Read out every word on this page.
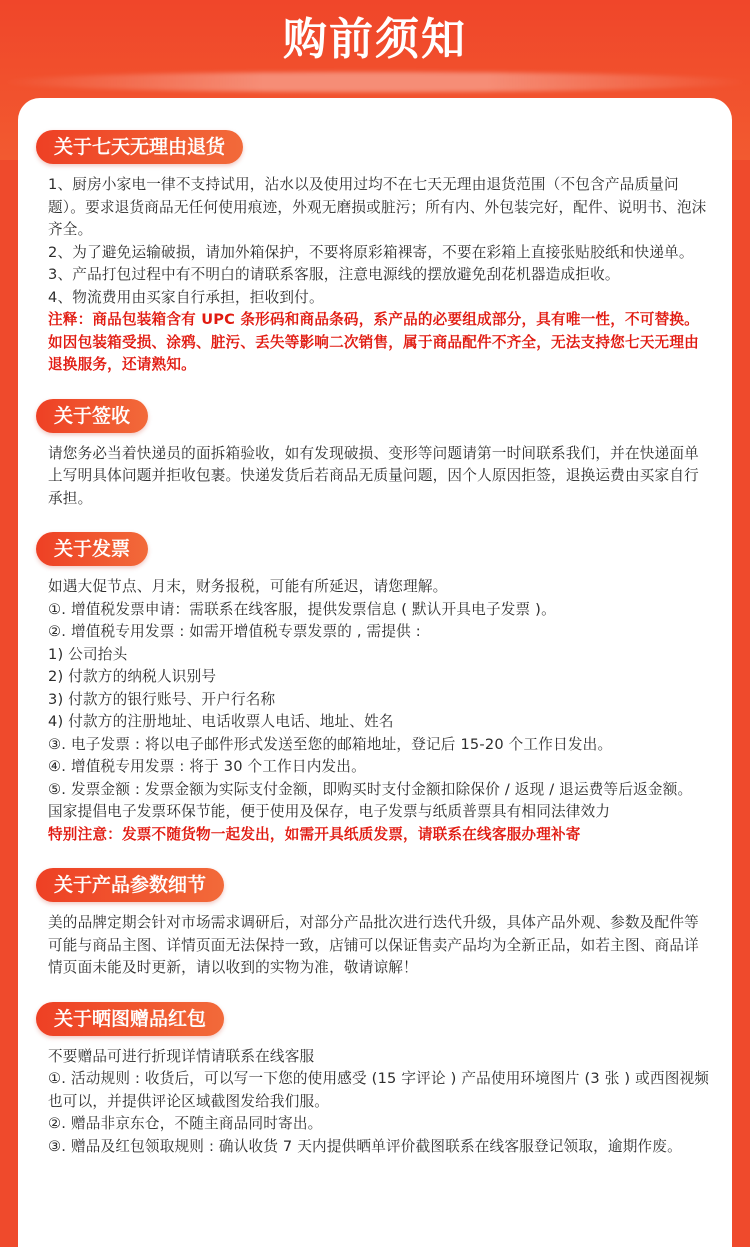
购前须知
关于七天无理由退货

1、厨房小家电一律不支持试用，沾水以及使用过均不在七天无理由退货范围（不包含产品质量问题）。要求退货商品无任何使用痕迹，外观无磨损或脏污；所有内、外包装完好，配件、说明书、泡沫齐全。

2、为了避免运输破损，请加外箱保护，不要将原彩箱裸寄，不要在彩箱上直接张贴胶纸和快递单。

3、产品打包过程中有不明白的请联系客服，注意电源线的摆放避免刮花机器造成拒收。

4、物流费用由买家自行承担，拒收到付。

注释：商品包装箱含有 UPC 条形码和商品条码，系产品的必要组成部分，具有唯一性，不可替换。如因包装箱受损、涂鸦、脏污、丢失等影响二次销售，属于商品配件不齐全，无法支持您七天无理由退换服务，还请熟知。

关于签收

请您务必当着快递员的面拆箱验收，如有发现破损、变形等问题请第一时间联系我们，并在快递面单上写明具体问题并拒收包裹。快递发货后若商品无质量问题，因个人原因拒签，退换运费由买家自行承担。

关于发票

如遇大促节点、月末，财务报税，可能有所延迟，请您理解。

①. 增值税发票申请：需联系在线客服，提供发票信息 ( 默认开具电子发票 )。

②. 增值税专用发票 : 如需开增值税专票发票的 , 需提供 :

1) 公司抬头

2) 付款方的纳税人识别号

3) 付款方的银行账号、开户行名称

4) 付款方的注册地址、电话收票人电话、地址、姓名

③. 电子发票 : 将以电子邮件形式发送至您的邮箱地址，登记后 15-20 个工作日发出。

④. 增值税专用发票 : 将于 30 个工作日内发出。

⑤. 发票金额 : 发票金额为实际支付金额，即购买时支付金额扣除保价 / 返现 / 退运费等后返金额。

国家提倡电子发票环保节能，便于使用及保存，电子发票与纸质普票具有相同法律效力

特别注意：发票不随货物一起发出，如需开具纸质发票，请联系在线客服办理补寄

关于产品参数细节

美的品牌定期会针对市场需求调研后，对部分产品批次进行迭代升级，具体产品外观、参数及配件等可能与商品主图、详情页面无法保持一致，店铺可以保证售卖产品均为全新正品，如若主图、商品详情页面未能及时更新，请以收到的实物为准，敬请谅解！

关于晒图赠品红包

不要赠品可进行折现详情请联系在线客服

①. 活动规则 : 收货后，可以写一下您的使用感受 (15 字评论 ) 产品使用环境图片 (3 张 ) 或西图视频也可以，并提供评论区域截图发给我们服。

②. 赠品非京东仓，不随主商品同时寄出。

③. 赠品及红包领取规则 : 确认收货 7 天内提供晒单评价截图联系在线客服登记领取，逾期作废。
